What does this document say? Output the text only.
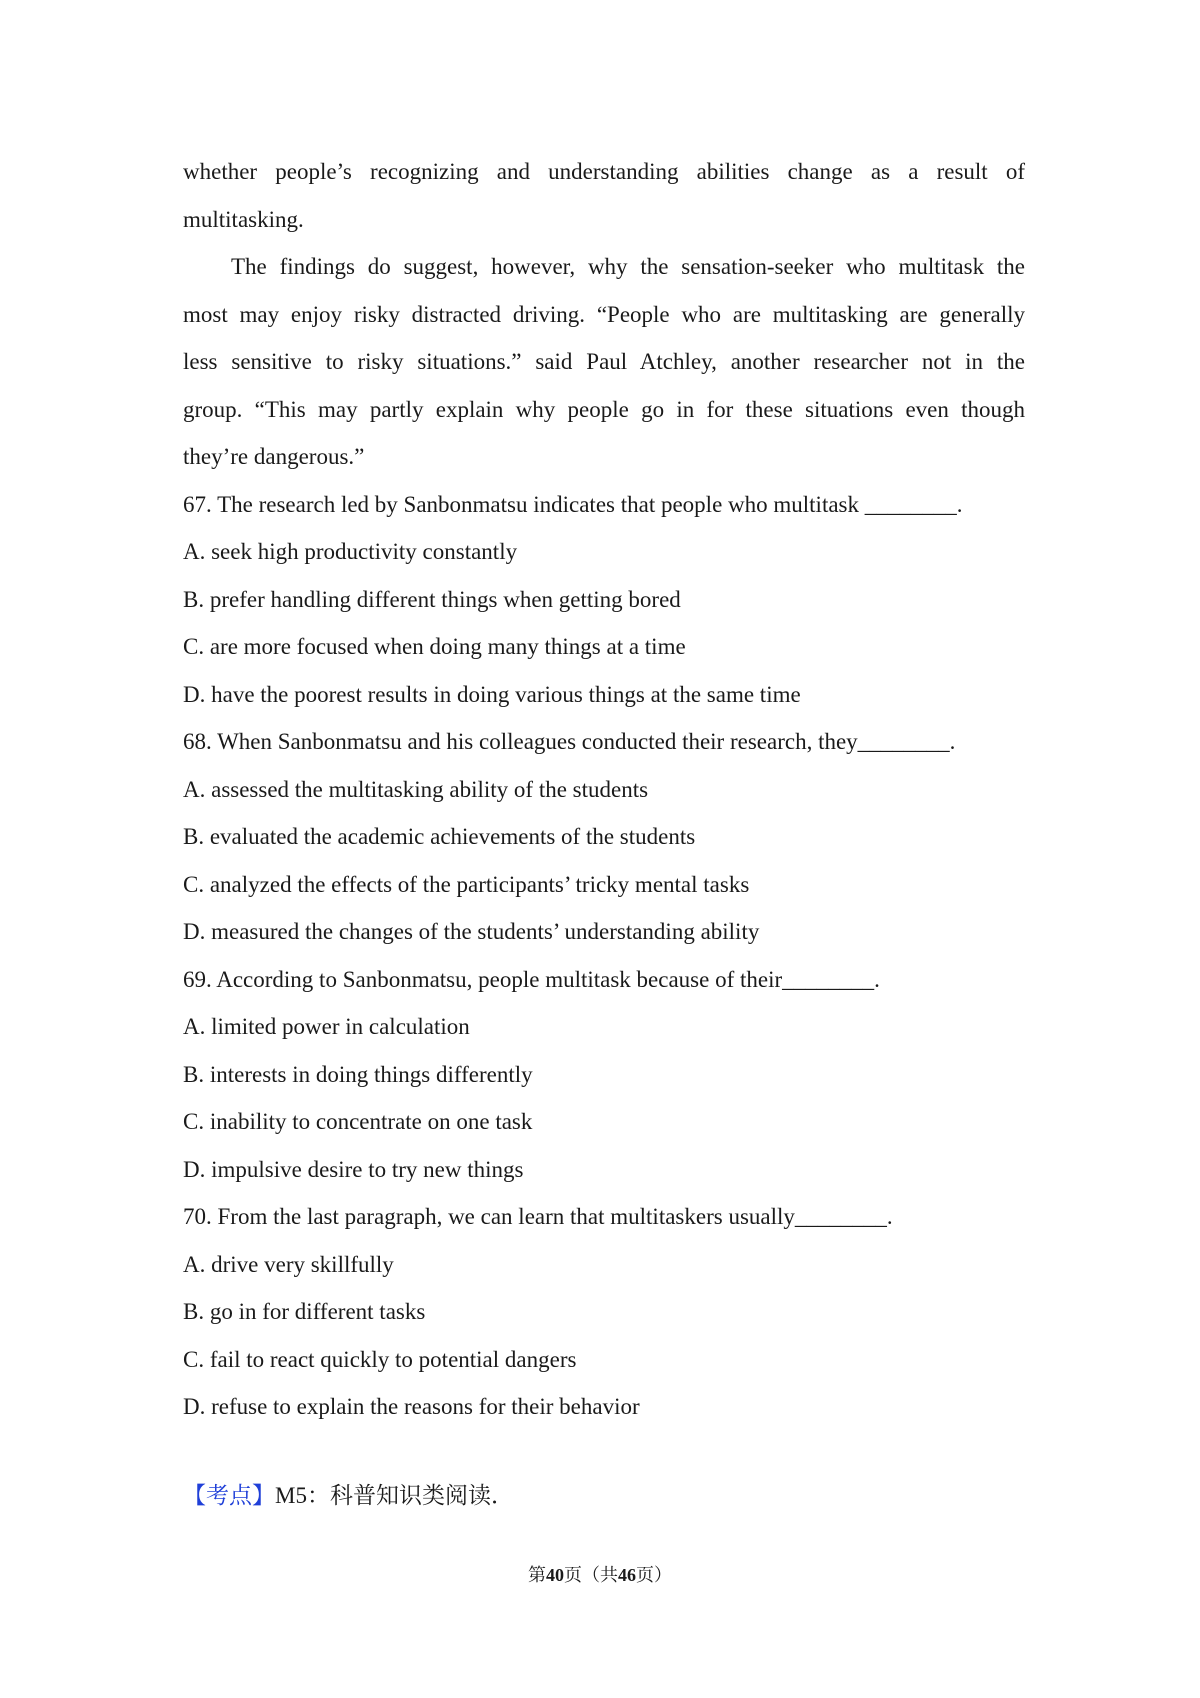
whether people’s recognizing and understanding abilities change as a result of
multitasking.
The findings do suggest, however, why the sensation-seeker who multitask the
most may enjoy risky distracted driving. “People who are multitasking are generally
less sensitive to risky situations.” said Paul Atchley, another researcher not in the
group. “This may partly explain why people go in for these situations even though
they’re dangerous.”
67. The research led by Sanbonmatsu indicates that people who multitask ________.
A. seek high productivity constantly
B. prefer handling different things when getting bored
C. are more focused when doing many things at a time
D. have the poorest results in doing various things at the same time
68. When Sanbonmatsu and his colleagues conducted their research, they________.
A. assessed the multitasking ability of the students
B. evaluated the academic achievements of the students
C. analyzed the effects of the participants’ tricky mental tasks
D. measured the changes of the students’ understanding ability
69. According to Sanbonmatsu, people multitask because of their________.
A. limited power in calculation
B. interests in doing things differently
C. inability to concentrate on one task
D. impulsive desire to try new things
70. From the last paragraph, we can learn that multitaskers usually________.
A. drive very skillfully
B. go in for different tasks
C. fail to react quickly to potential dangers
D. refuse to explain the reasons for their behavior
【考点】M5：科普知识类阅读．
第40页（共46页）
